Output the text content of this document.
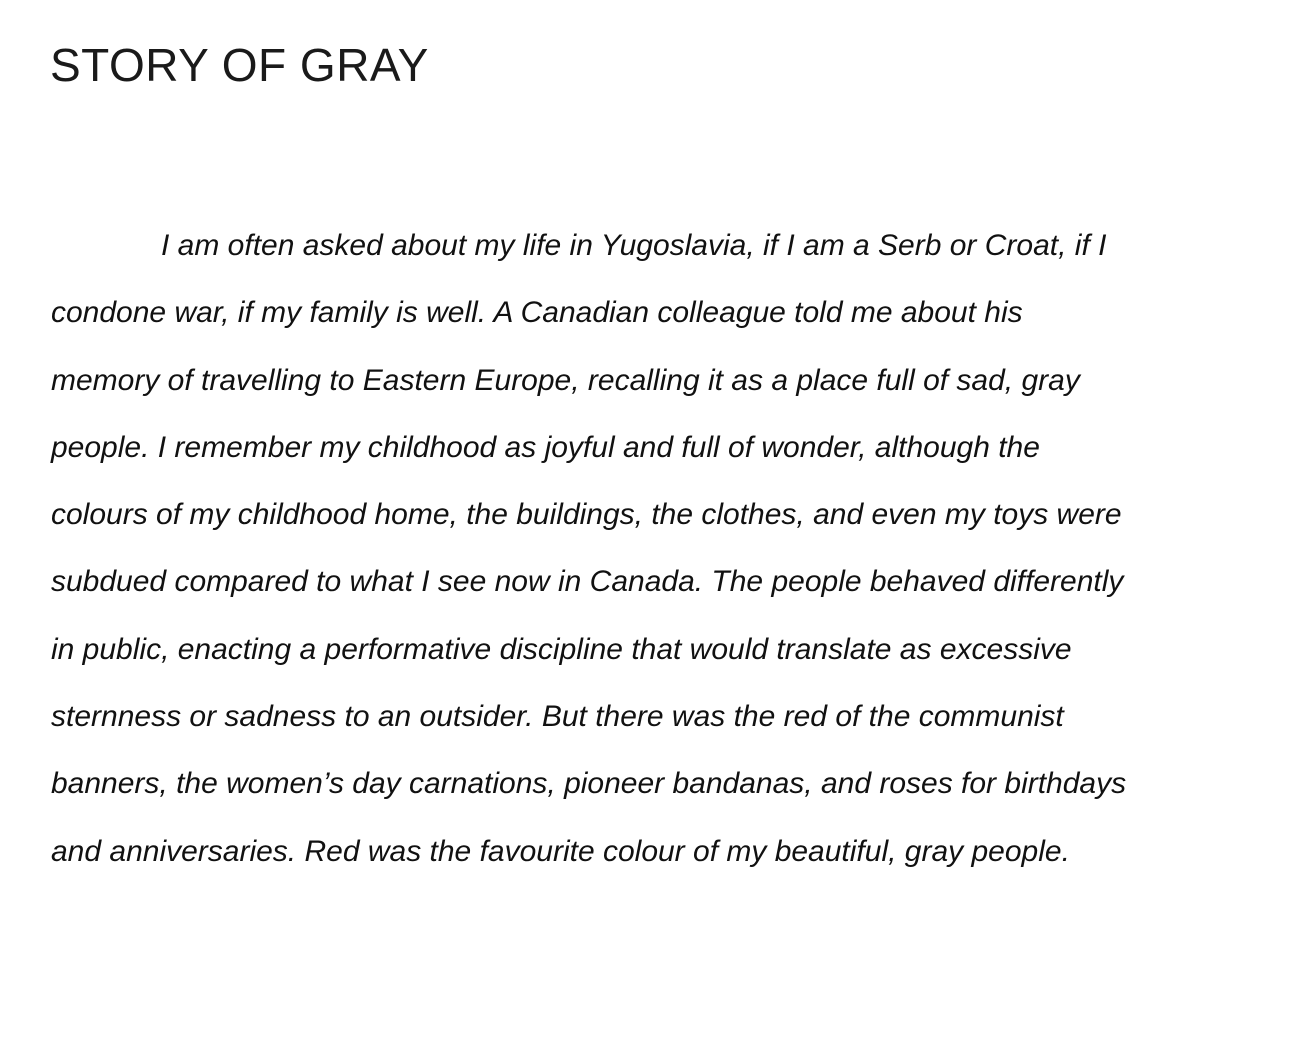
STORY OF GRAY
I am often asked about my life in Yugoslavia, if I am a Serb or Croat, if I
condone war, if my family is well. A Canadian colleague told me about his
memory of travelling to Eastern Europe, recalling it as a place full of sad, gray
people. I remember my childhood as joyful and full of wonder, although the
colours of my childhood home, the buildings, the clothes, and even my toys were
subdued compared to what I see now in Canada. The people behaved differently
in public, enacting a performative discipline that would translate as excessive
sternness or sadness to an outsider. But there was the red of the communist
banners, the women’s day carnations, pioneer bandanas, and roses for birthdays
and anniversaries. Red was the favourite colour of my beautiful, gray people.
